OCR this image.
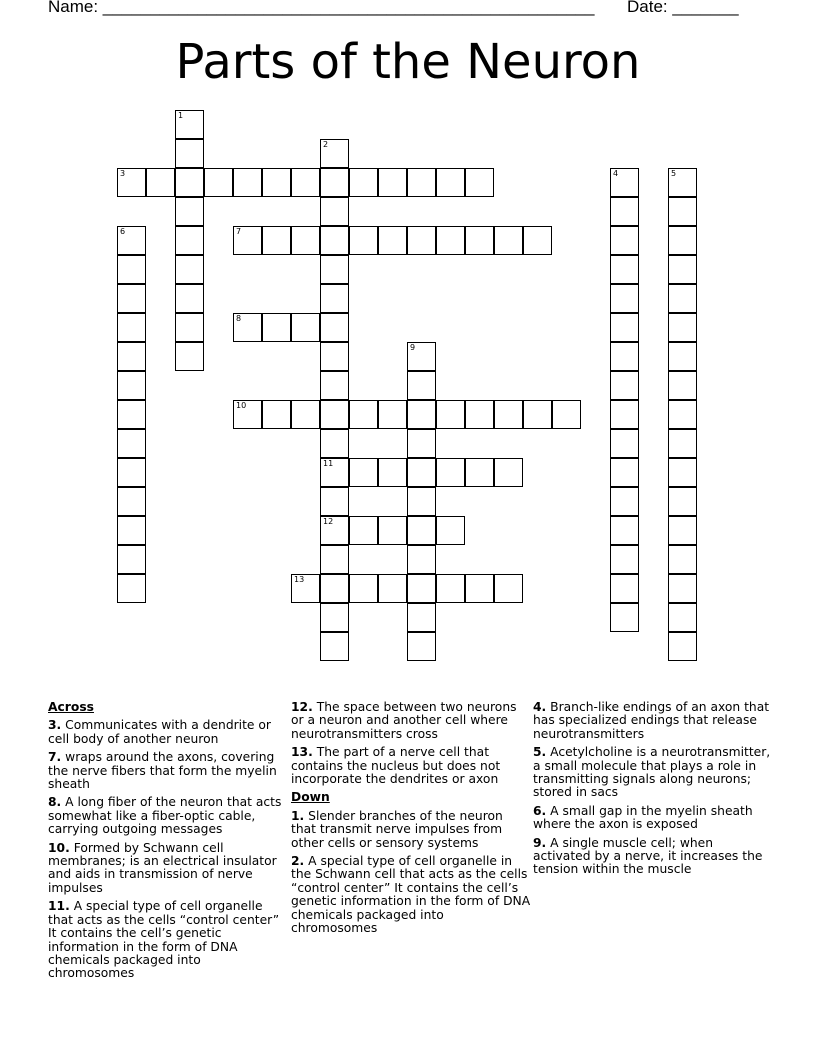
Name: ____________________________________________________ Date: _______
Parts of the Neuron
1
2
11
12
3	4	5
6	7
8
9
10
13

Across

3. Communicates with a dendrite or cell body of another neuron

7. wraps around the axons, covering the nerve fibers that form the myelin sheath

8. A long fiber of the neuron that acts somewhat like a fiber-optic cable, carrying outgoing messages

10. Formed by Schwann cell membranes; is an electrical insulator and aids in transmission of nerve impulses

11. A special type of cell organelle that acts as the cells “control center” It contains the cell’s genetic information in the form of DNA chemicals packaged into chromosomes

12. The space between two neurons or a neuron and another cell where neurotransmitters cross

13. The part of a nerve cell that contains the nucleus but does not incorporate the dendrites or axon

Down

1. Slender branches of the neuron that transmit nerve impulses from other cells or sensory systems

2. A special type of cell organelle in the Schwann cell that acts as the cells “control center” It contains the cell’s genetic information in the form of DNA chemicals packaged into chromosomes

4. Branch-like endings of an axon that has specialized endings that release neurotransmitters

5. Acetylcholine is a neurotransmitter, a small molecule that plays a role in transmitting signals along neurons; stored in sacs

6. A small gap in the myelin sheath where the axon is exposed

9. A single muscle cell; when activated by a nerve, it increases the tension within the muscle
